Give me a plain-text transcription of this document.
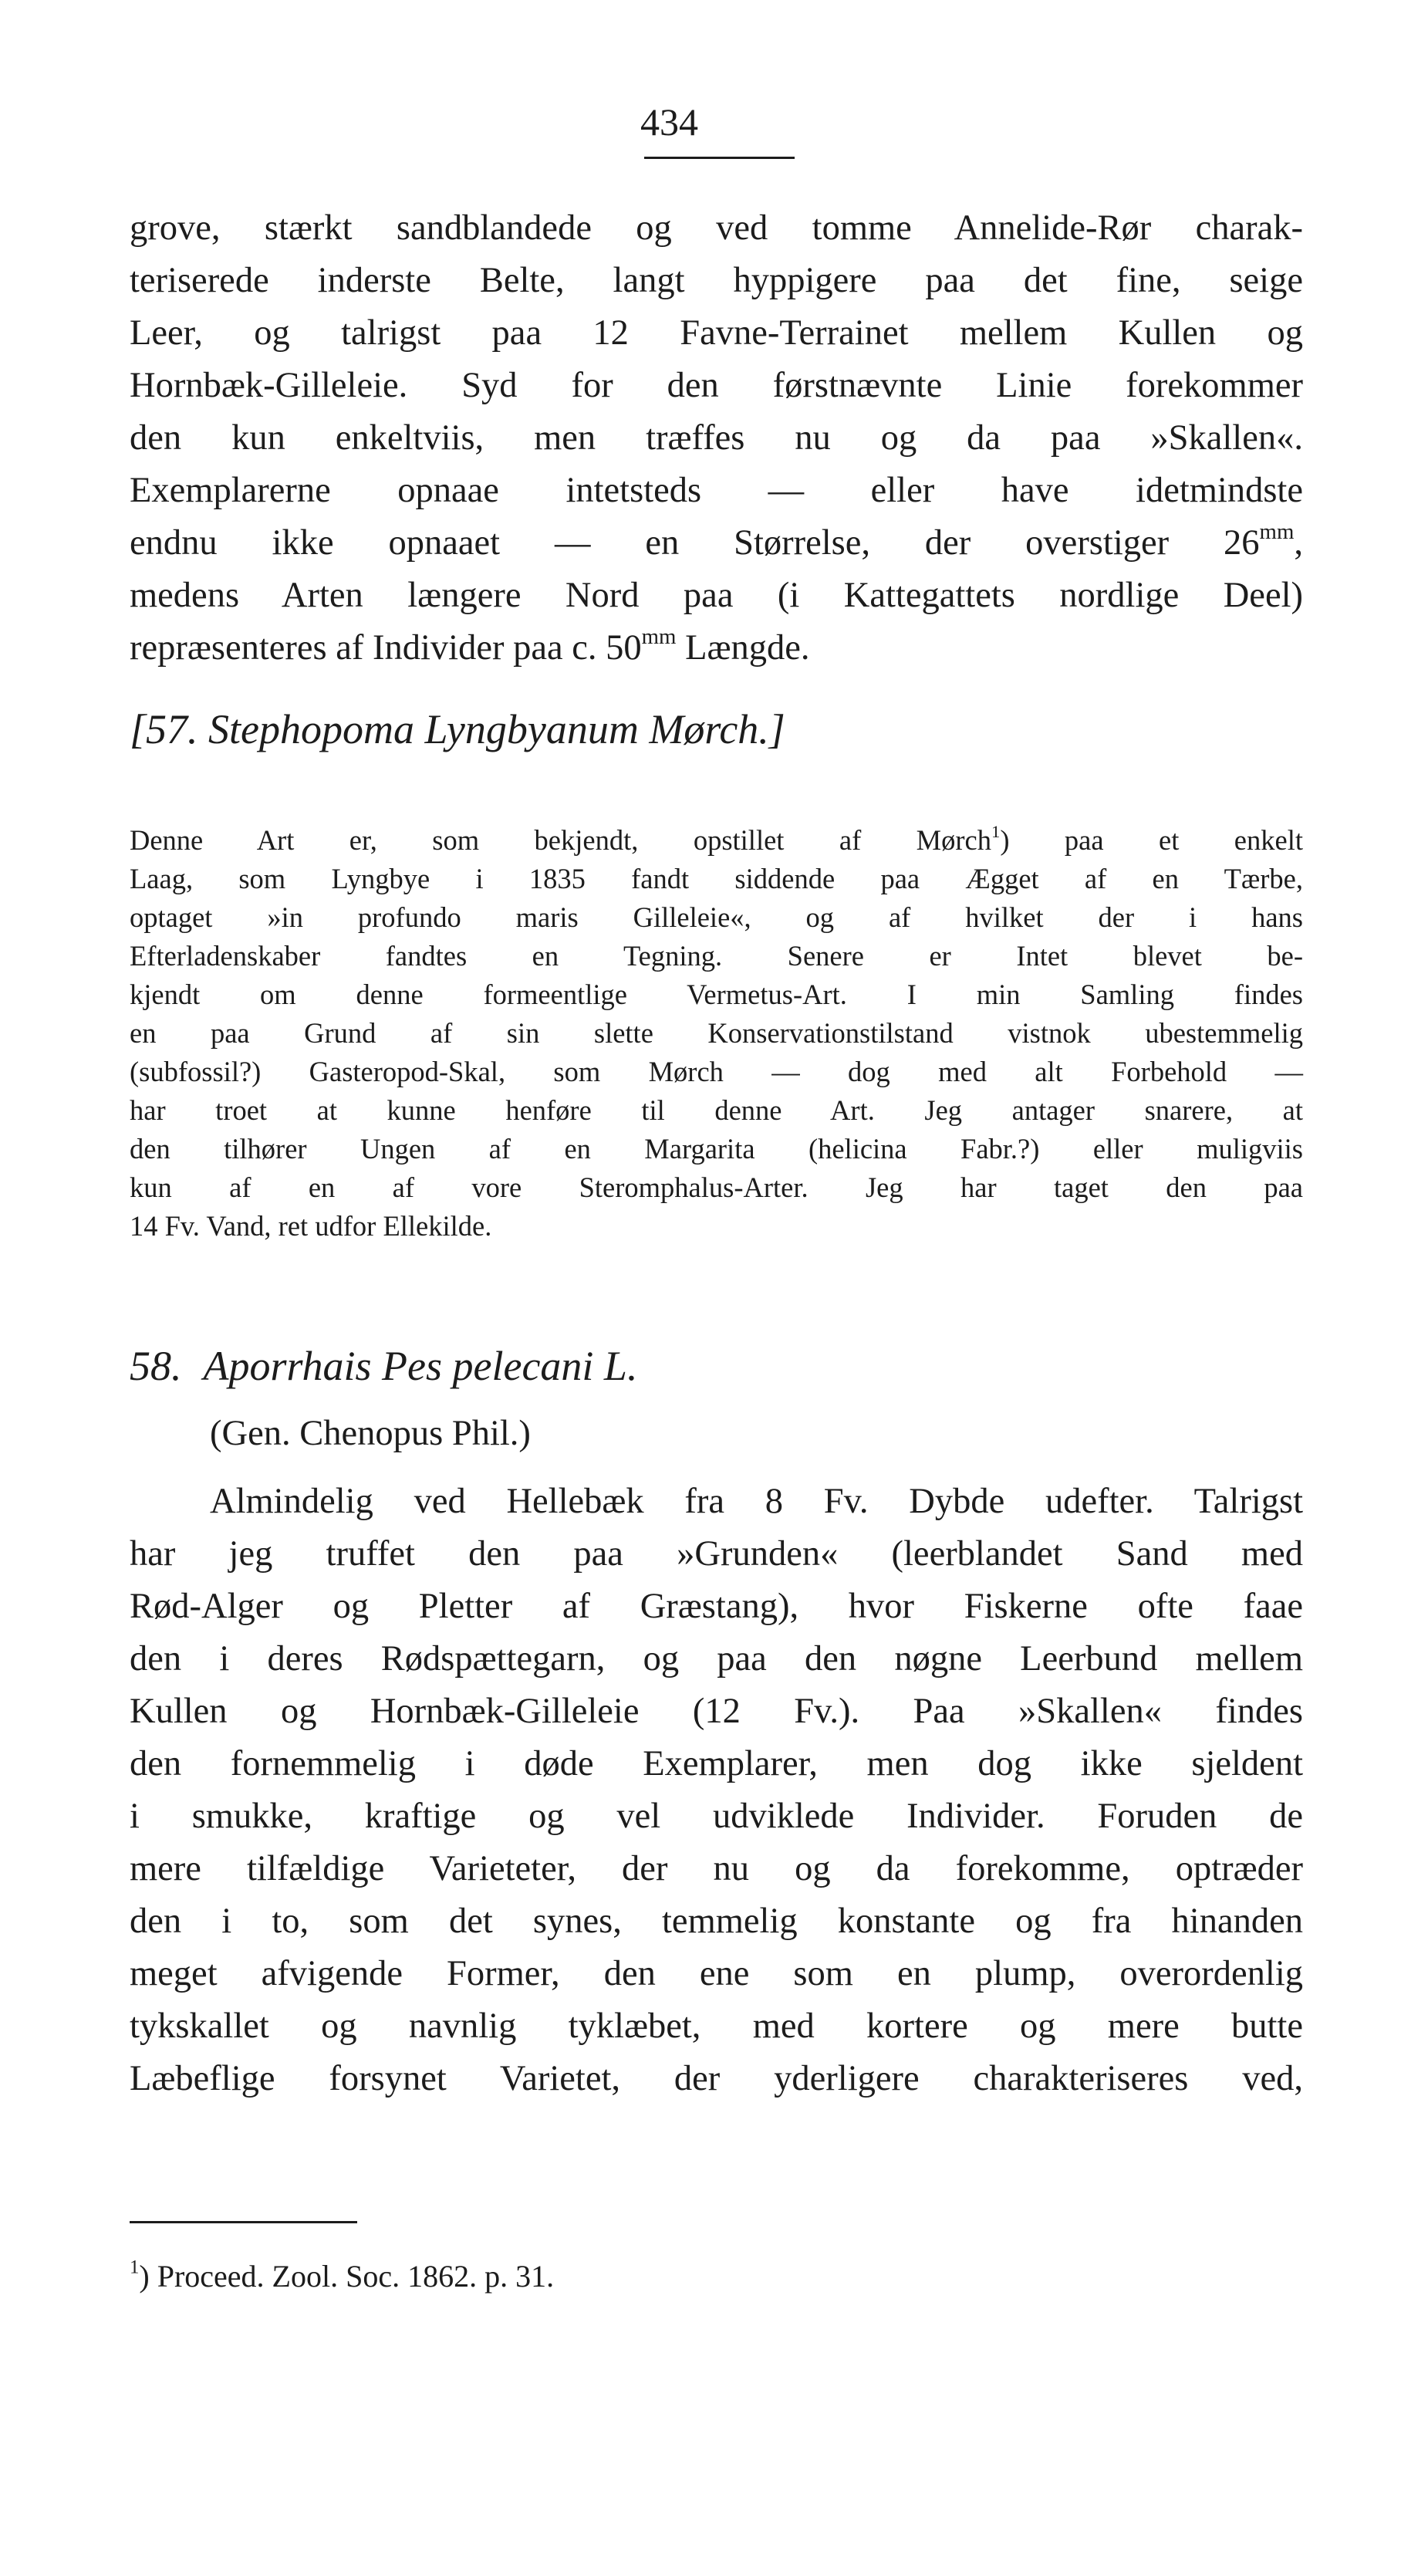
434

grove, stærkt sandblandede og ved tomme Annelide-Rør charak-

teriserede inderste Belte, langt hyppigere paa det fine, seige

Leer, og talrigst paa 12 Favne-Terrainet mellem Kullen og

Hornbæk-Gilleleie. Syd for den førstnævnte Linie forekommer

den kun enkeltviis, men træffes nu og da paa »Skallen«.

Exemplarerne opnaae intetsteds — eller have idetmindste

endnu ikke opnaaet — en Størrelse, der overstiger $26^{mm}$,

medens Arten længere Nord paa (i Kattegattets nordlige Deel)

repræsenteres af Individer paa c. $50^{mm}$ Længde.

[57. Stephopoma Lyngbyanum Mørch.]

Denne Art er, som bekjendt, opstillet af Mørch$^1$) paa et enkelt

Laag, som Lyngbye i 1835 fandt siddende paa Ægget af en Tærbe,

optaget »in profundo maris Gilleleie«, og af hvilket der i hans

Efterladenskaber fandtes en Tegning. Senere er Intet blevet be-

kjendt om denne formeentlige Vermetus-Art. I min Samling findes

en paa Grund af sin slette Konservationstilstand vistnok ubestemmelig

(subfossil?) Gasteropod-Skal, som Mørch — dog med alt Forbehold —

har troet at kunne henføre til denne Art. Jeg antager snarere, at

den tilhører Ungen af en Margarita (helicina Fabr.?) eller muligviis

kun af en af vore Steromphalus-Arter. Jeg har taget den paa

14 Fv. Vand, ret udfor Ellekilde.

58. Aporrhais Pes pelecani L.
(Gen. Chenopus Phil.)

Almindelig ved Hellebæk fra 8 Fv. Dybde udefter. Talrigst

har jeg truffet den paa »Grunden« (leerblandet Sand med

Rød-Alger og Pletter af Græstang), hvor Fiskerne ofte faae

den i deres Rødspættegarn, og paa den nøgne Leerbund mellem

Kullen og Hornbæk-Gilleleie (12 Fv.). Paa »Skallen« findes

den fornemmelig i døde Exemplarer, men dog ikke sjeldent

i smukke, kraftige og vel udviklede Individer. Foruden de

mere tilfældige Varieteter, der nu og da forekomme, optræder

den i to, som det synes, temmelig konstante og fra hinanden

meget afvigende Former, den ene som en plump, overordenlig

tykskallet og navnlig tyklæbet, med kortere og mere butte

Læbeflige forsynet Varietet, der yderligere charakteriseres ved,

$^1$) Proceed. Zool. Soc. 1862. p. 31.
